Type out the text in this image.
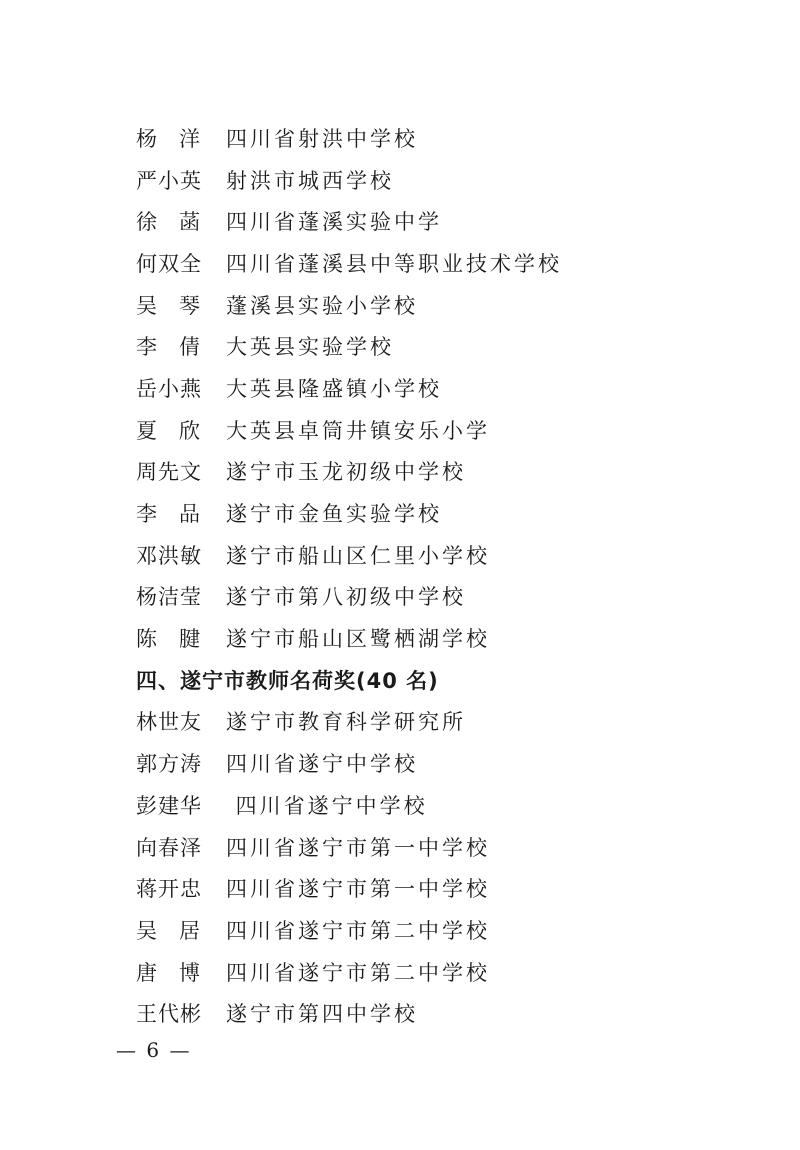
杨 洋 四川省射洪中学校
严小英	射洪市城西学校
徐 菡 四川省蓬溪实验中学
何双全	四川省蓬溪县中等职业技术学校
吴 琴 蓬溪县实验小学校
李 倩 大英县实验学校
岳小燕	大英县隆盛镇小学校
夏 欣 大英县卓筒井镇安乐小学
周先文	遂宁市玉龙初级中学校
李 品 遂宁市金鱼实验学校
邓洪敏	遂宁市船山区仁里小学校
杨洁莹	遂宁市第八初级中学校
陈 腱 遂宁市船山区鹭栖湖学校
四、遂宁市教师名荷奖(40 名)
林世友	遂宁市教育科学研究所
郭方涛	四川省遂宁中学校
彭建华	四川省遂宁中学校
向春泽	四川省遂宁市第一中学校
蒋开忠	四川省遂宁市第一中学校
吴 居 四川省遂宁市第二中学校
唐 博 四川省遂宁市第二中学校
王代彬	遂宁市第四中学校
— 6 —
